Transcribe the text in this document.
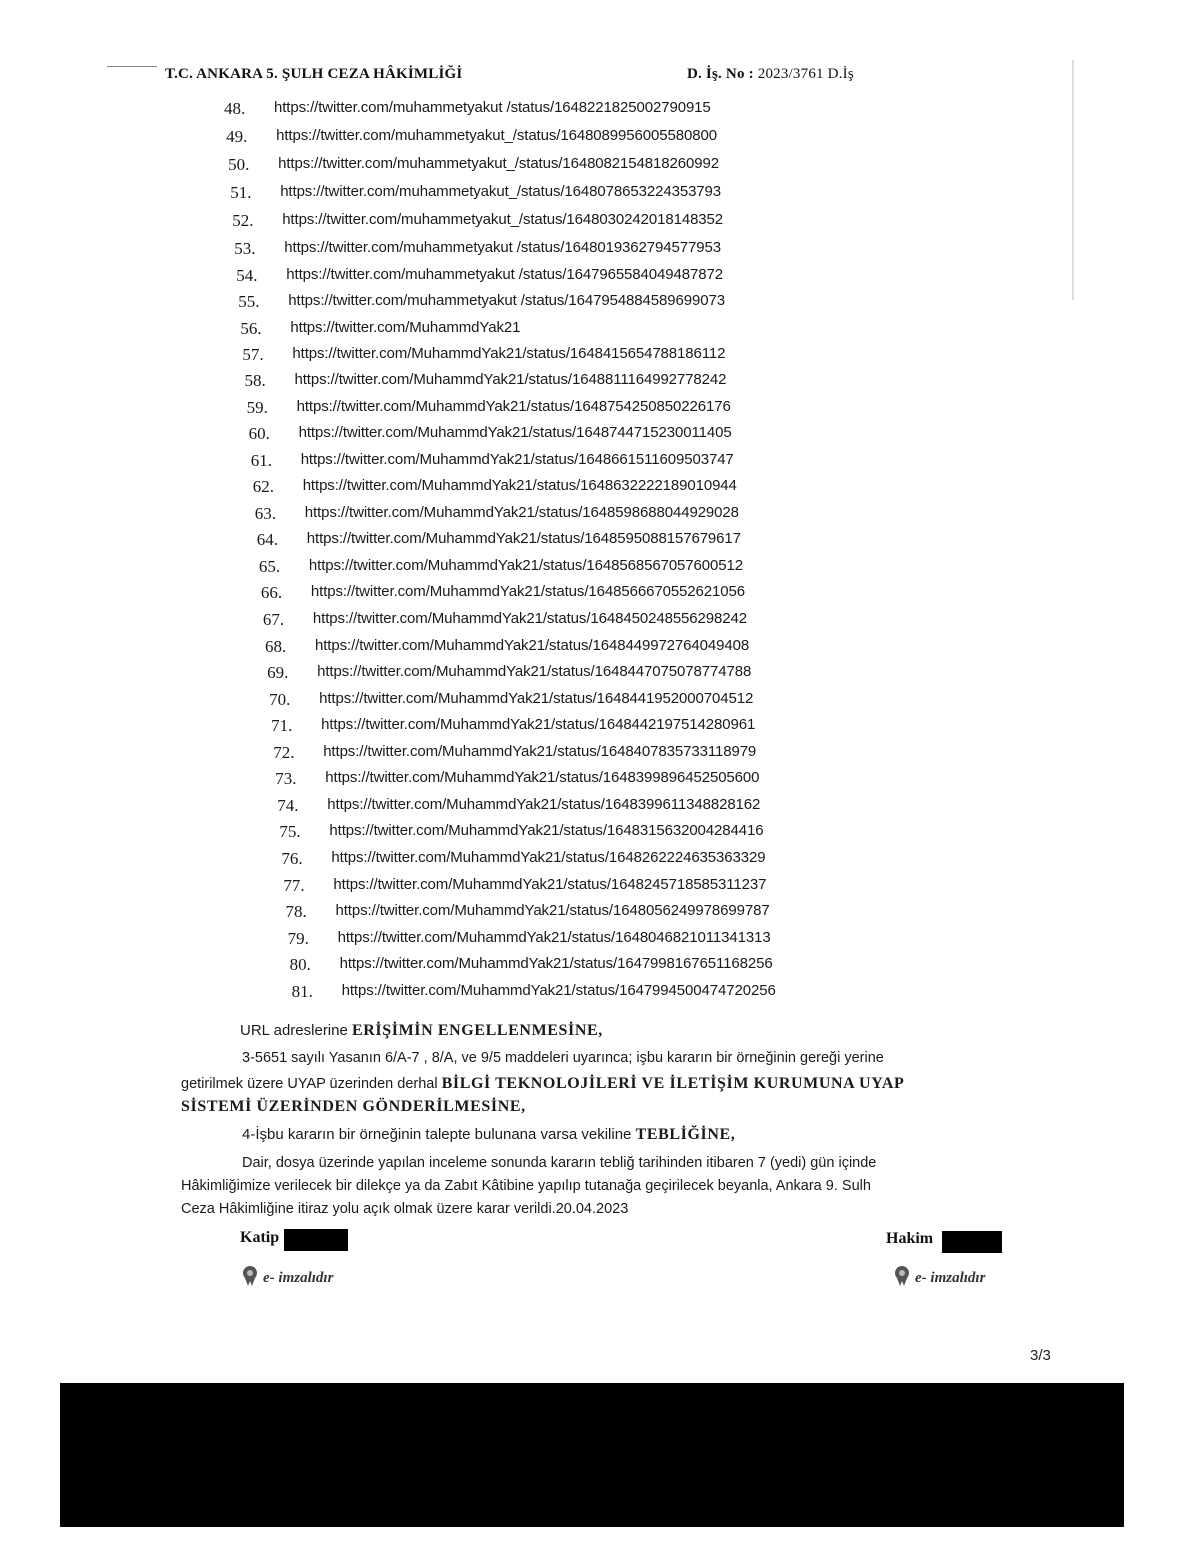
T.C. ANKARA 5. ŞULH CEZA HÂKİMLİĞİ	D. İş. No : 2023/3761 D.İş
48.	https://twitter.com/muhammetyakut /status/1648221825002790915
49.	https://twitter.com/muhammetyakut_/status/1648089956005580800
50.	https://twitter.com/muhammetyakut_/status/1648082154818260992
51.	https://twitter.com/muhammetyakut_/status/1648078653224353793
52.	https://twitter.com/muhammetyakut_/status/1648030242018148352
53.	https://twitter.com/muhammetyakut /status/1648019362794577953
54.	https://twitter.com/muhammetyakut /status/1647965584049487872
55.	https://twitter.com/muhammetyakut /status/1647954884589699073
56.	https://twitter.com/MuhammdYak21
57.	https://twitter.com/MuhammdYak21/status/1648415654788186112
58.	https://twitter.com/MuhammdYak21/status/1648811164992778242
59.	https://twitter.com/MuhammdYak21/status/1648754250850226176
60.	https://twitter.com/MuhammdYak21/status/1648744715230011405
61.	https://twitter.com/MuhammdYak21/status/1648661511609503747
62.	https://twitter.com/MuhammdYak21/status/1648632222189010944
63.	https://twitter.com/MuhammdYak21/status/1648598688044929028
64.	https://twitter.com/MuhammdYak21/status/1648595088157679617
65.	https://twitter.com/MuhammdYak21/status/1648568567057600512
66.	https://twitter.com/MuhammdYak21/status/1648566670552621056
67.	https://twitter.com/MuhammdYak21/status/1648450248556298242
68.	https://twitter.com/MuhammdYak21/status/1648449972764049408
69.	https://twitter.com/MuhammdYak21/status/1648447075078774788
70.	https://twitter.com/MuhammdYak21/status/1648441952000704512
71.	https://twitter.com/MuhammdYak21/status/1648442197514280961
72.	https://twitter.com/MuhammdYak21/status/1648407835733118979
73.	https://twitter.com/MuhammdYak21/status/1648399896452505600
74.	https://twitter.com/MuhammdYak21/status/1648399611348828162
75.	https://twitter.com/MuhammdYak21/status/1648315632004284416
76.	https://twitter.com/MuhammdYak21/status/1648262224635363329
77.	https://twitter.com/MuhammdYak21/status/1648245718585311237
78.	https://twitter.com/MuhammdYak21/status/1648056249978699787
79.	https://twitter.com/MuhammdYak21/status/1648046821011341313
80.	https://twitter.com/MuhammdYak21/status/1647998167651168256
81.	https://twitter.com/MuhammdYak21/status/1647994500474720256
URL adreslerine ERİŞİMİN ENGELLENMESİNE,
3-5651 sayılı Yasanın 6/A-7 , 8/A, ve 9/5 maddeleri uyarınca; işbu kararın bir örneğinin gereği yerine
getirilmek üzere UYAP üzerinden derhal BİLGİ TEKNOLOJİLERİ VE İLETİŞİM KURUMUNA UYAP
SİSTEMİ ÜZERİNDEN GÖNDERİLMESİNE,
4-İşbu kararın bir örneğinin talepte bulunana varsa vekiline TEBLİĞİNE,
Dair, dosya üzerinde yapılan inceleme sonunda kararın tebliğ tarihinden itibaren 7 (yedi) gün içinde
Hâkimliğimize verilecek bir dilekçe ya da Zabıt Kâtibine yapılıp tutanağa geçirilecek beyanla, Ankara 9. Sulh
Ceza Hâkimliğine itiraz yolu açık olmak üzere karar verildi.20.04.2023
Katip
e- imzalıdır
Hakim
e- imzalıdır
3/3
